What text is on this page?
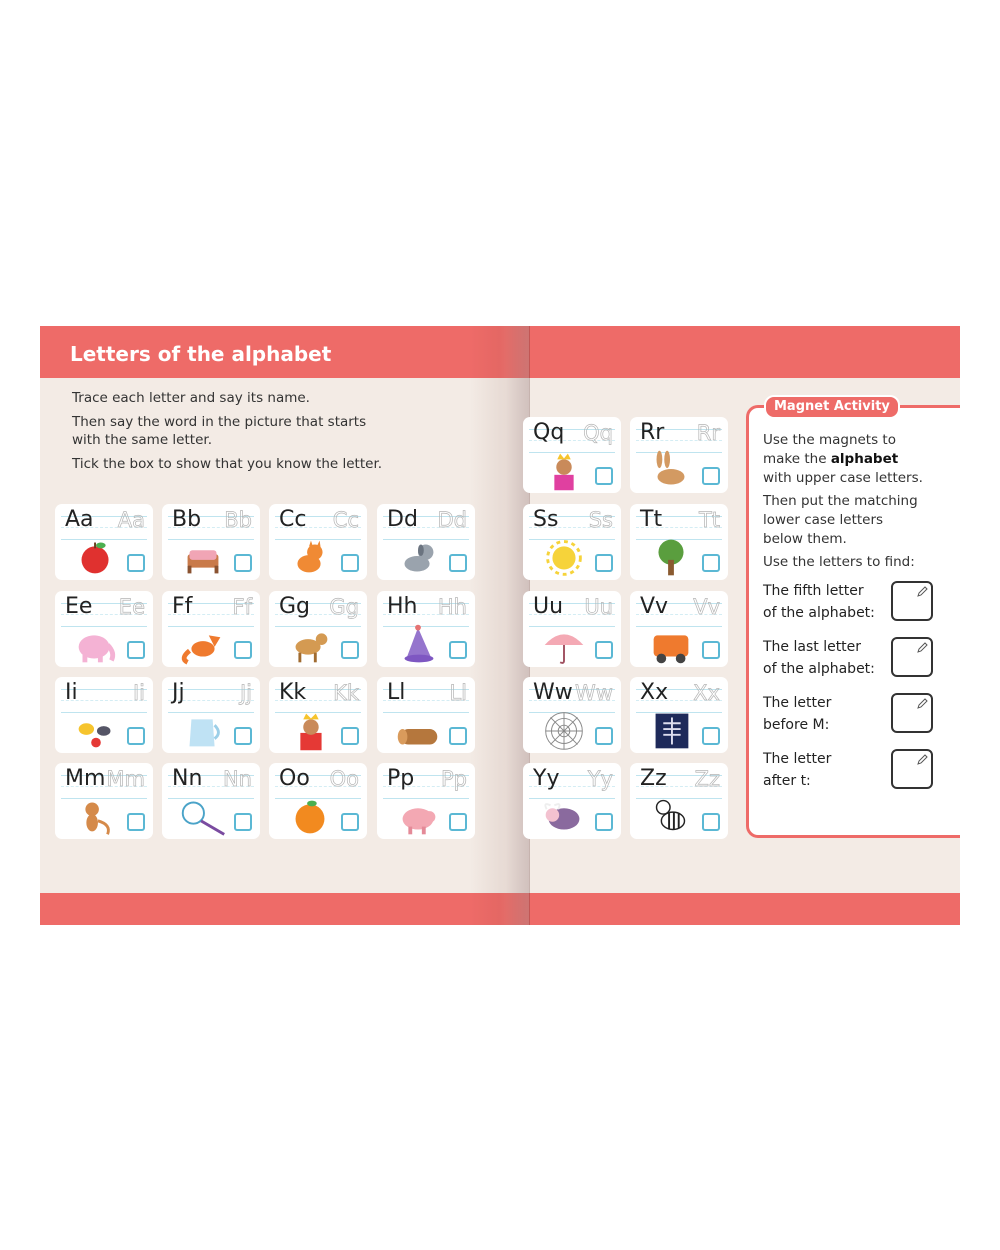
Letters of the alphabet
Trace each letter and say its name.
Then say the word in the picture that starts
with the same letter.
Tick the box to show that you know the letter.
Aa Aa Bb Bb Cc Cc Dd Dd
Ee Ee Ff Ff Gg Gg Hh Hh
Ii	Ii Jj	Jj Kk Kk Ll Ll
Mm Mm Nn Nn Oo Oo Pp Pp
Qq Qq Rr Rr
Ss Ss Tt Tt
Uu Uu Vv Vv
Ww Ww Xx Xx
Yy Yy Zz Zz
Magnet Activity
Use the magnets to
make the alphabet
with upper case letters.
Then put the matching
lower case letters
below them.
Use the letters to find:
The fifth letter
of the alphabet:
The last letter
of the alphabet:
The letter
before M:
The letter
after t:
